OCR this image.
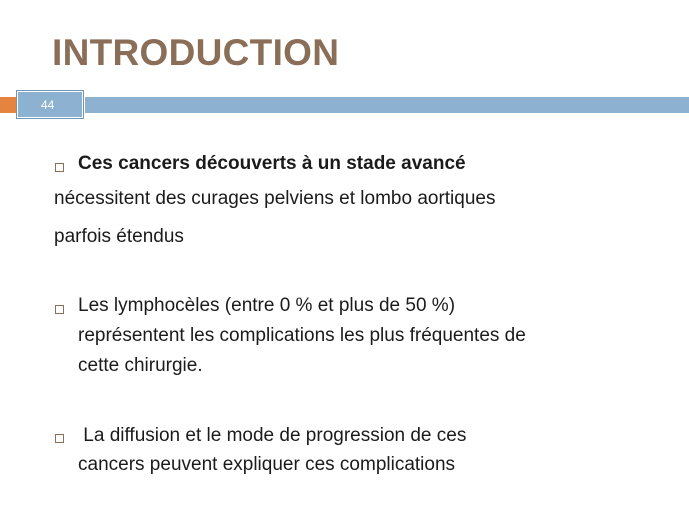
INTRODUCTION
44
Ces cancers découverts à un stade avancé
nécessitent des curages pelviens et lombo aortiques
parfois étendus
Les lymphocèles (entre 0 % et plus de 50 %)
représentent les complications les plus fréquentes de
cette chirurgie.
La diffusion et le mode de progression de ces
cancers peuvent expliquer ces complications
